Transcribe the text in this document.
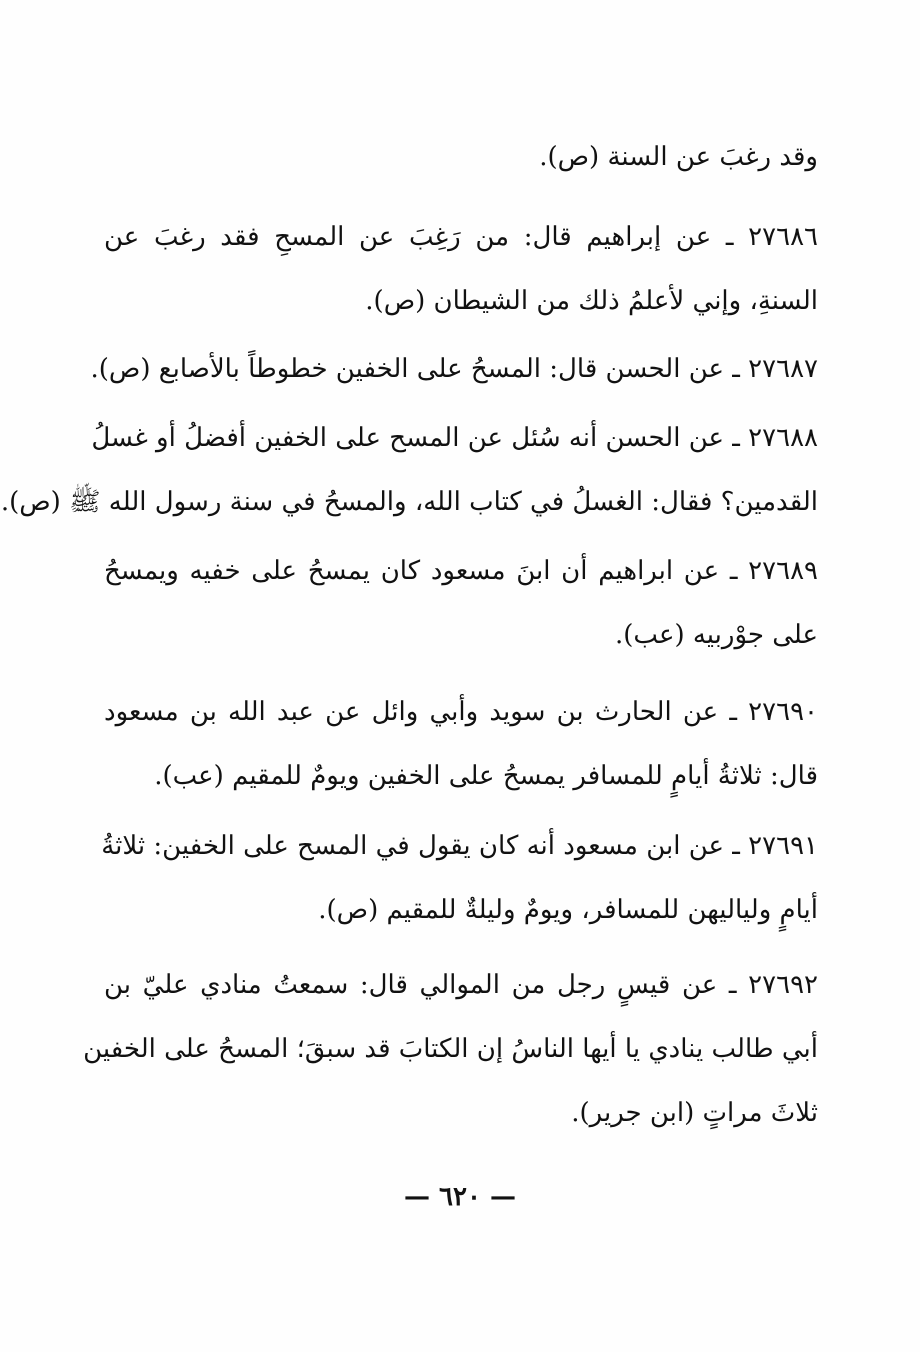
وقد رغبَ عن السنة (ص).
٢٧٦٨٦ ـ عن إبراهيم قال: من رَغِبَ عن المسحِ فقد رغبَ عن
السنةِ، وإني لأعلمُ ذلك من الشيطان (ص).
٢٧٦٨٧ ـ عن الحسن قال: المسحُ على الخفين خطوطاً بالأصابع (ص).
٢٧٦٨٨ ـ عن الحسن أنه سُئل عن المسح على الخفين أفضلُ أو غسلُ
القدمين؟ فقال: الغسلُ في كتاب الله، والمسحُ في سنة رسول الله ﷺ (ص).
٢٧٦٨٩ ـ عن ابراهيم أن ابنَ مسعود كان يمسحُ على خفيه ويمسحُ
على جوْربيه (عب).
٢٧٦٩٠ ـ عن الحارث بن سويد وأبي وائل عن عبد الله بن مسعود
قال: ثلاثةُ أيامٍ للمسافر يمسحُ على الخفين ويومٌ للمقيم (عب).
٢٧٦٩١ ـ عن ابن مسعود أنه كان يقول في المسح على الخفين: ثلاثةُ
أيامٍ ولياليهن للمسافر، ويومٌ وليلةٌ للمقيم (ص).
٢٧٦٩٢ ـ عن قيسٍ رجل من الموالي قال: سمعتُ منادي عليّ بن
أبي طالب ينادي يا أيها الناسُ إن الكتابَ قد سبقَ؛ المسحُ على الخفين
ثلاثَ مراتٍ (ابن جرير).
— ٦٢٠ —
